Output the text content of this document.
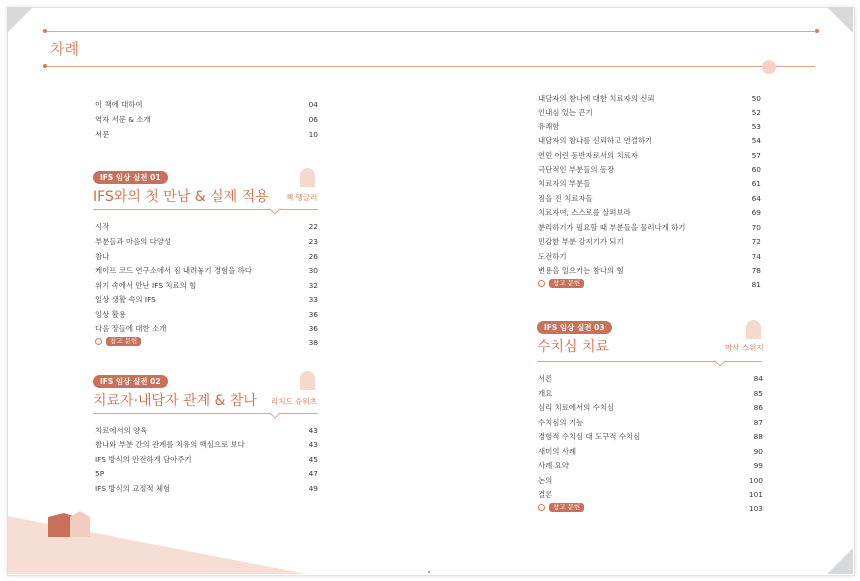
차례
이 책에 대하여	04
역자 서문 & 소개	06
서문	10
IFS 임상 실전 01
IFS와의 첫 만남 & 실제 적용 책 맹글러
시작	22
부분들과 마음의 다양성	23
참나	26
케이프 코드 연구소에서 짐 내려놓기 경험을 하다	30
위기 속에서 만난 IFS 치료의 힘	32
일상 생활 속의 IFS	33
임상 활용	36
다음 장들에 대한 소개	36
참고 문헌	38
IFS 임상 실전 02
치료자·내담자 관계 & 참나 리처드 슈워츠
치료에서의 양육	43
참나와 부분 간의 관계를 치유의 핵심으로 보다	43
IFS 방식의 안전하게 담아주기	45
5P	47
IFS 방식의 교정적 체험	49
내담자의 참나에 대한 치료자의 신뢰	50
인내심 있는 끈기	52
유쾌함	53
내담자의 참나를 신뢰하고 연결하기	54
연민 어린 동반자로서의 치료자	57
극단적인 부분들의 등장	60
치료자의 부분들	61
짐을 진 치료자들	64
치료자여, 스스로를 살펴보라	69
분리하기가 필요할 때 부분들을 물러나게 하기	70
민감한 부분 감지기가 되기	72
도전하기	74
변용을 일으키는 참나의 힘	78
참고 문헌	81
IFS 임상 실전 03
수치심 치료	마사 스위지
서론	84
개요	85
심리 치료에서의 수치심	86
수치심의 기능	87
경험적 수치심 대 도구적 수치심	88
새미의 사례	90
사례 요약	99
논의	100
결론	101
참고 문헌	103
